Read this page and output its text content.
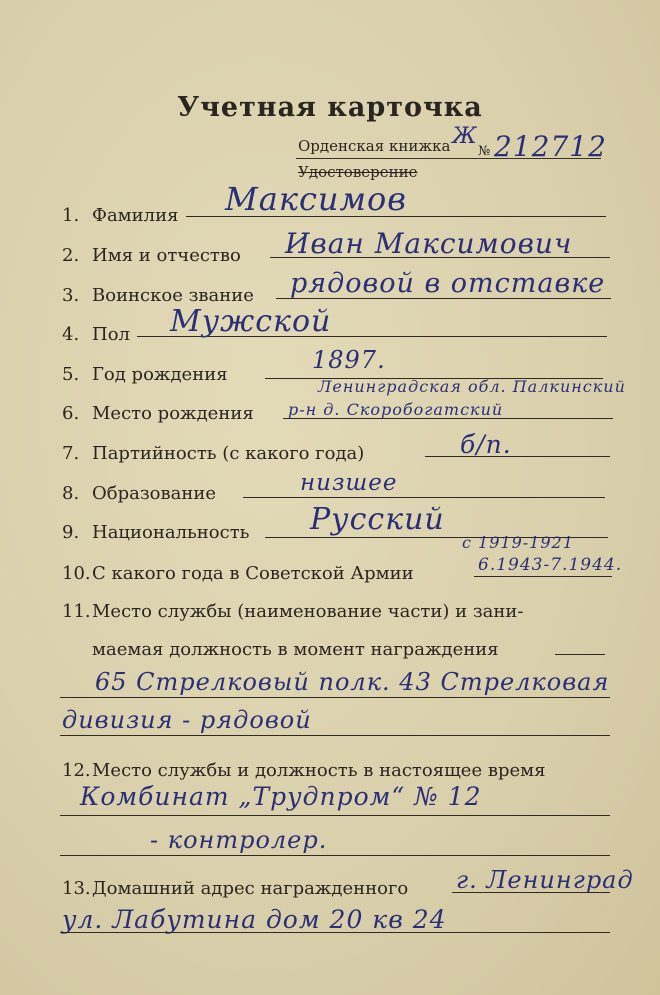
Учетная карточка
Орденская книжка
Удостоверение
Ж
№ 212712
1. Фамилия Максимов
2. Имя и отчество Иван Максимович
3. Воинское звание рядовой в отставке
4. Пол Мужской
5. Год рождения
1897.
6. Место рождения
Ленинградская обл. Палкинский
р-н д. Скоробогатский
7. Партийность (с какого года)	б/п.
8. Образование	низшее
9. Национальность Русский
10.С какого года в Советской Армии
с 1919-1921
6.1943-7.1944.
11.Место службы (наименование части) и зани-
маемая должность в момент награждения
65 Стрелковый полк. 43 Стрелковая
дивизия - рядовой
12.Место службы и должность в настоящее время
Комбинат „Трудпром“ № 12
- контролер.
13.Домашний адрес награжденного г. Ленинград
ул. Лабутина дом 20 кв 24
